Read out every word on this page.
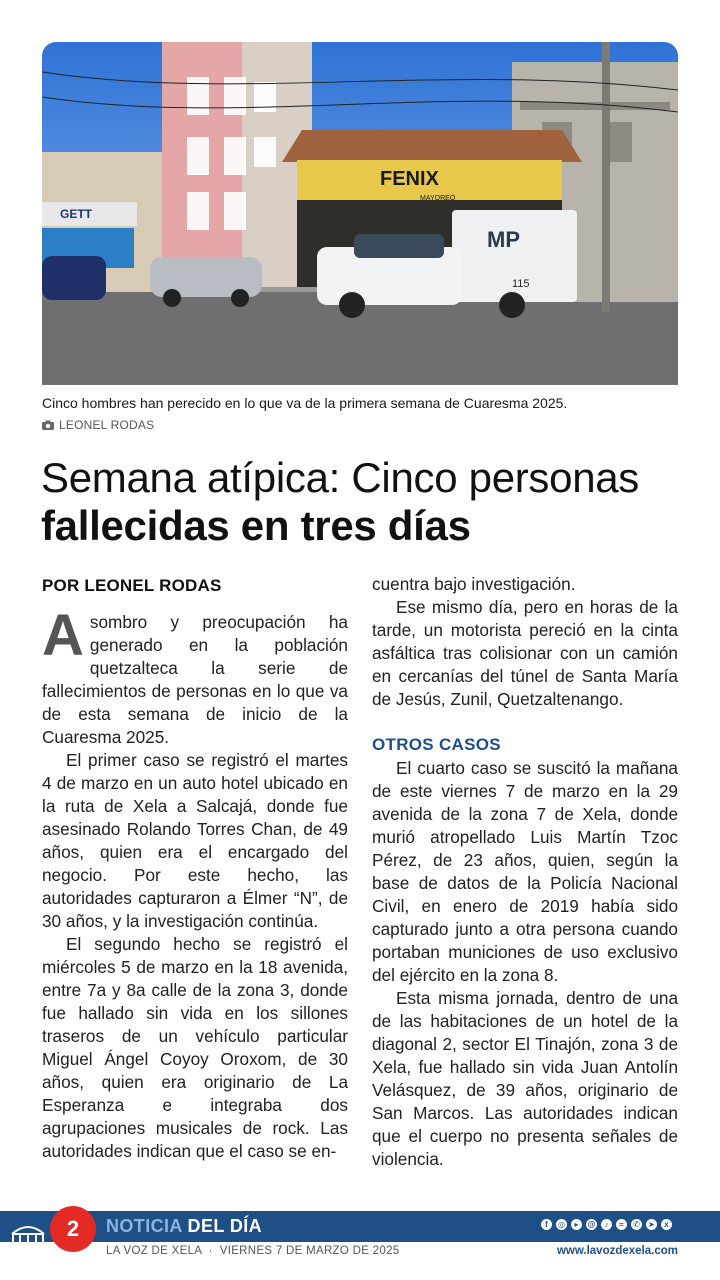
GETT
FENIX
MAYOREO
MP
115
Cinco hombres han perecido en lo que va de la primera semana de Cuaresma 2025.
LEONEL RODAS
Semana atípica: Cinco personas
fallecidas en tres días
POR LEONEL RODAS

Asombro y preocupación ha generado en la población quetzalteca la serie de fallecimientos de personas en lo que va de esta semana de inicio de la Cuaresma 2025.

El primer caso se registró el martes 4 de marzo en un auto hotel ubicado en la ruta de Xela a Salcajá, donde fue asesinado Rolando Torres Chan, de 49 años, quien era el encargado del negocio. Por este hecho, las autoridades capturaron a Élmer “N”, de 30 años, y la investigación continúa.

El segundo hecho se registró el miércoles 5 de marzo en la 18 avenida, entre 7a y 8a calle de la zona 3, donde fue hallado sin vida en los sillones traseros de un vehículo particular Miguel Ángel Coyoy Oroxom, de 30 años, quien era originario de La Esperanza e integraba dos agrupaciones musicales de rock. Las autoridades indican que el caso se en-

cuentra bajo investigación.

Ese mismo día, pero en horas de la tarde, un motorista pereció en la cinta asfáltica tras colisionar con un camión en cercanías del túnel de Santa María de Jesús, Zunil, Quetzaltenango.

OTROS CASOS

El cuarto caso se suscitó la mañana de este viernes 7 de marzo en la 29 avenida de la zona 7 de Xela, donde murió atropellado Luis Martín Tzoc Pérez, de 23 años, quien, según la base de datos de la Policía Nacional Civil, en enero de 2019 había sido capturado junto a otra persona cuando portaban municiones de uso exclusivo del ejército en la zona 8.

Esta misma jornada, dentro de una de las habitaciones de un hotel de la diagonal 2, sector El Tinajón, zona 3 de Xela, fue hallado sin vida Juan Antolín Velásquez, de 39 años, originario de San Marcos. Las autoridades indican que el cuerpo no presenta señales de violencia.

2	NOTICIA DEL DÍA	f	◎	▸	@	♪	≈	✆ ➤	x
LA VOZ DE XELA · VIERNES 7 DE MARZO DE 2025	www.lavozdexela.com
